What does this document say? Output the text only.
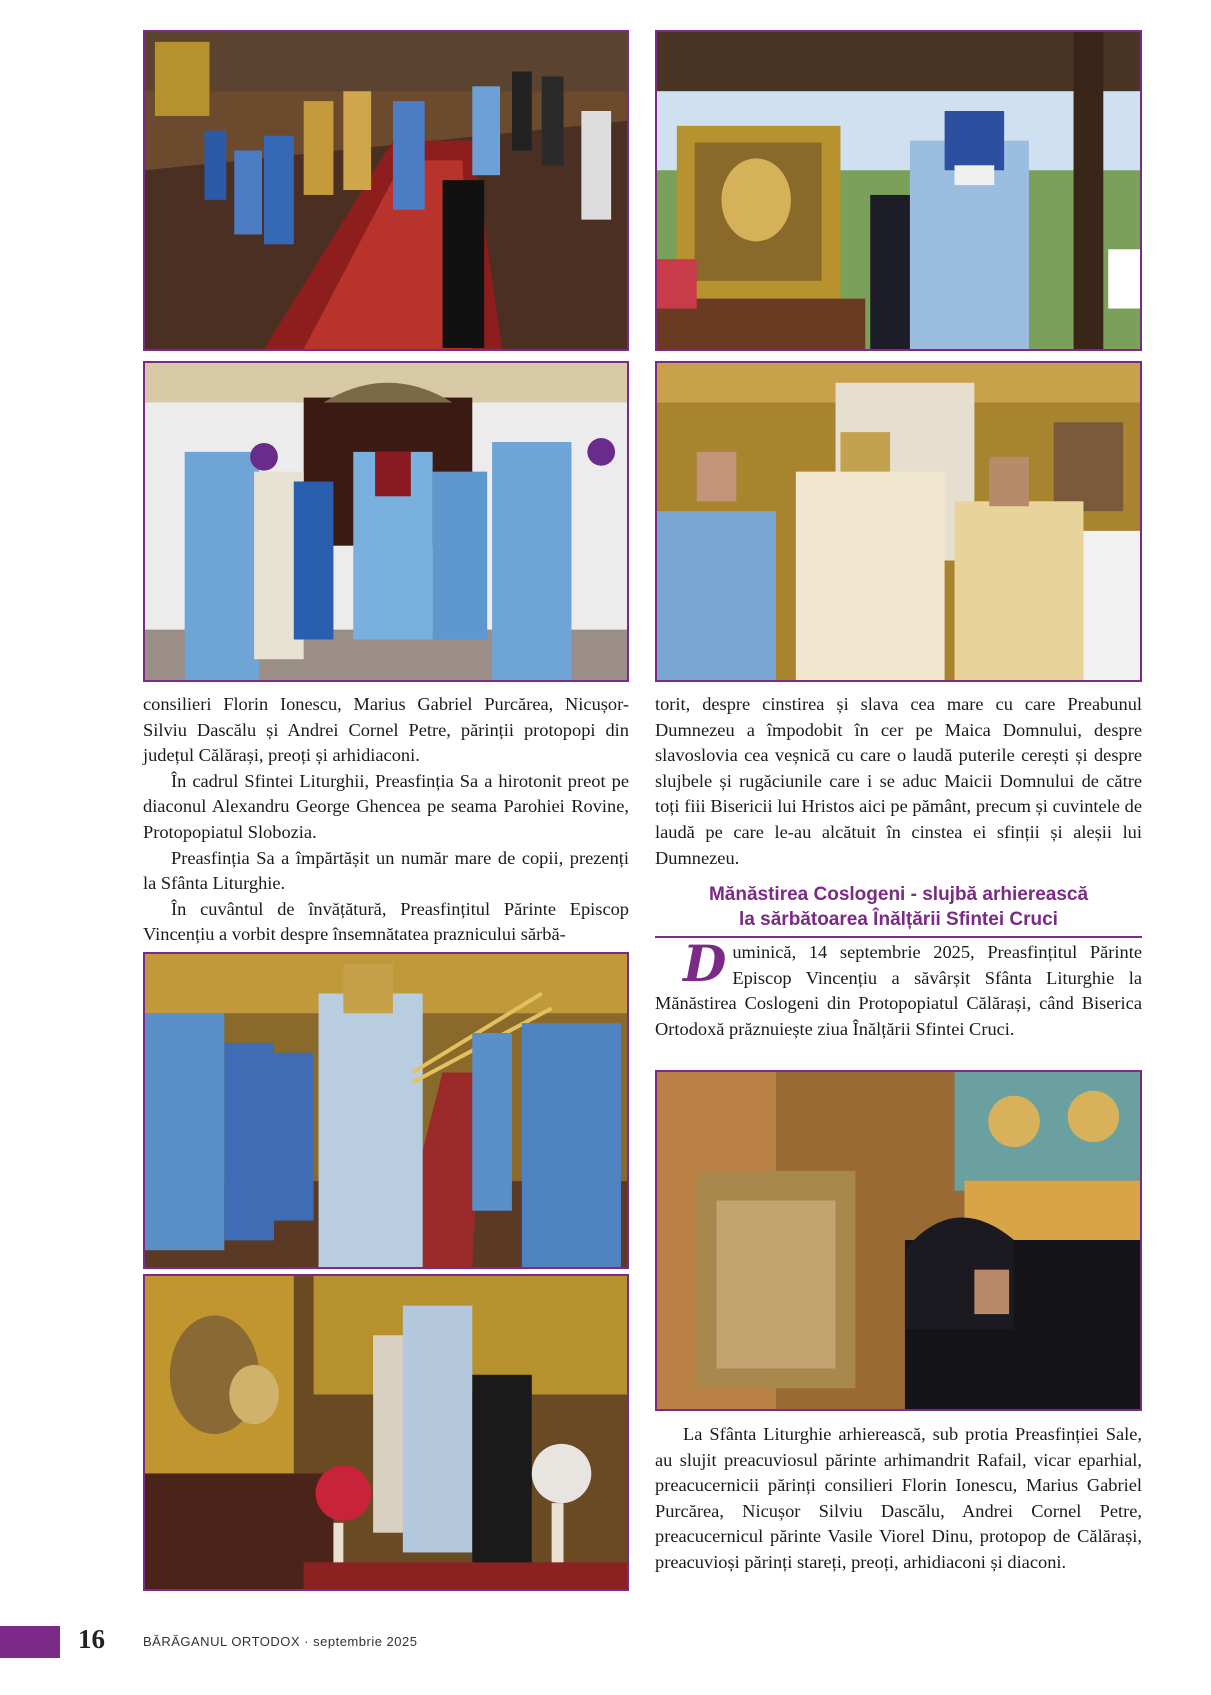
consilieri Florin Ionescu, Marius Gabriel Purcărea, Nicușor-Silviu Dascălu și Andrei Cornel Petre, părinții protopopi din județul Călărași, preoți și arhidiaconi.

În cadrul Sfintei Liturghii, Preasfinția Sa a hirotonit preot pe diaconul Alexandru George Ghencea pe seama Parohiei Rovine, Protopopiatul Slobozia.

Preasfinția Sa a împărtășit un număr mare de copii, prezenți la Sfânta Liturghie.

În cuvântul de învățătură, Preasfințitul Părinte Episcop Vincențiu a vorbit despre însemnătatea praznicului sărbă-

torit, despre cinstirea și slava cea mare cu care Preabunul Dumnezeu a împodobit în cer pe Maica Domnului, despre slavoslovia cea veșnică cu care o laudă puterile cerești și despre slujbele și rugăciunile care i se aduc Maicii Domnului de către toți fiii Bisericii lui Hristos aici pe pământ, precum și cuvintele de laudă pe care le-au alcătuit în cinstea ei sfinții și aleșii lui Dumnezeu.

Mănăstirea Coslogeni - slujbă arhierească
la sărbătoarea Înălțării Sfintei Cruci

Duminică, 14 septembrie 2025, Preasfințitul Părinte Episcop Vincențiu a săvârșit Sfânta Liturghie la Mănăstirea Coslogeni din Protopopiatul Călărași, când Biserica Ortodoxă prăznuiește ziua Înălțării Sfintei Cruci.

La Sfânta Liturghie arhierească, sub protia Preasfinției Sale, au slujit preacuviosul părinte arhimandrit Rafail, vicar eparhial, preacucernicii părinți consilieri Florin Ionescu, Marius Gabriel Purcărea, Nicușor Silviu Dascălu, Andrei Cornel Petre, preacucernicul părinte Vasile Viorel Dinu, protopop de Călărași, preacuvioși părinți stareți, preoți, arhidiaconi și diaconi.

16	BĂRĂGANUL ORTODOX · septembrie 2025
